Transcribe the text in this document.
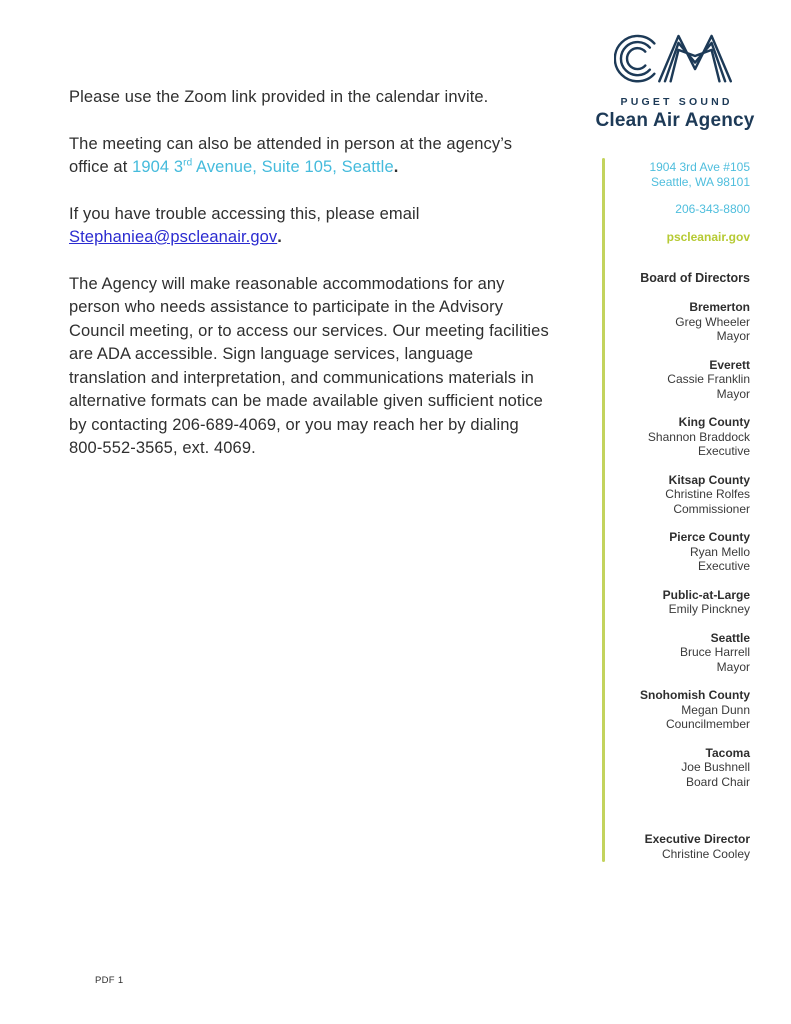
Please use the Zoom link provided in the calendar invite.

The meeting can also be attended in person at the agency’s office at 1904 3rd Avenue, Suite 105, Seattle.

If you have trouble accessing this, please email Stephaniea@pscleanair.gov.

The Agency will make reasonable accommodations for any person who needs assistance to participate in the Advisory Council meeting, or to access our services. Our meeting facilities are ADA accessible. Sign language services, language translation and interpretation, and communications materials in alternative formats can be made available given sufficient notice by contacting 206-689-4069, or you may reach her by dialing 800-552-3565, ext. 4069.

PUGET SOUND
Clean Air Agency
1904 3rd Ave #105
Seattle, WA 98101
206-343-8800
pscleanair.gov
Board of Directors
Bremerton
Greg Wheeler
Mayor
Everett
Cassie Franklin
Mayor
King County
Shannon Braddock
Executive
Kitsap County
Christine Rolfes
Commissioner
Pierce County
Ryan Mello
Executive
Public-at-Large
Emily Pinckney
Seattle
Bruce Harrell
Mayor
Snohomish County
Megan Dunn
Councilmember
Tacoma
Joe Bushnell
Board Chair
Executive Director
Christine Cooley
PDF 1
